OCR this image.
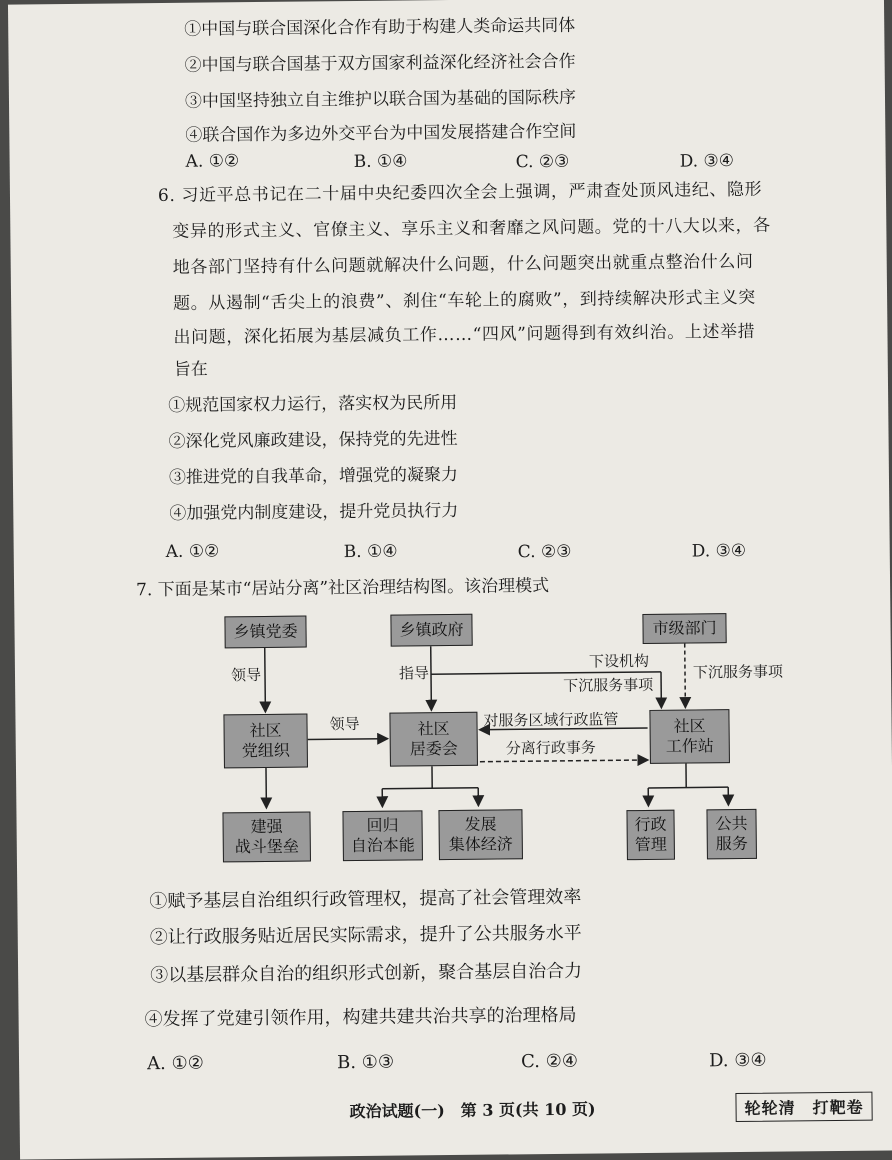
①中国与联合国深化合作有助于构建人类命运共同体
②中国与联合国基于双方国家利益深化经济社会合作
③中国坚持独立自主维护以联合国为基础的国际秩序
④联合国作为多边外交平台为中国发展搭建合作空间
A. ①②	B. ①④	C. ②③	D. ③④
6. 习近平总书记在二十届中央纪委四次全会上强调，严肃查处顶风违纪、隐形
变异的形式主义、官僚主义、享乐主义和奢靡之风问题。党的十八大以来，各
地各部门坚持有什么问题就解决什么问题，什么问题突出就重点整治什么问
题。从遏制“舌尖上的浪费”、刹住“车轮上的腐败”，到持续解决形式主义突
出问题，深化拓展为基层减负工作……“四风”问题得到有效纠治。上述举措
旨在
①规范国家权力运行，落实权为民所用
②深化党风廉政建设，保持党的先进性
③推进党的自我革命，增强党的凝聚力
④加强党内制度建设，提升党员执行力
A. ①②	B. ①④	C. ②③	D. ③④
7. 下面是某市“居站分离”社区治理结构图。该治理模式
乡镇党委	乡镇政府	市级部门
社区
党组织
社区
居委会
社区
工作站
建强
战斗堡垒
回归
自治本能
发展
集体经济
行政
管理
公共
服务
领导	指导
下设机构
下沉服务事项
下沉服务事项
领导	对服务区域行政监管
分离行政事务
①赋予基层自治组织行政管理权，提高了社会管理效率
②让行政服务贴近居民实际需求，提升了公共服务水平
③以基层群众自治的组织形式创新，聚合基层自治合力
④发挥了党建引领作用，构建共建共治共享的治理格局
A. ①②	B. ①③	C. ②④	D. ③④
政治试题(一)　第 3 页(共 10 页)	轮轮清　打靶卷
